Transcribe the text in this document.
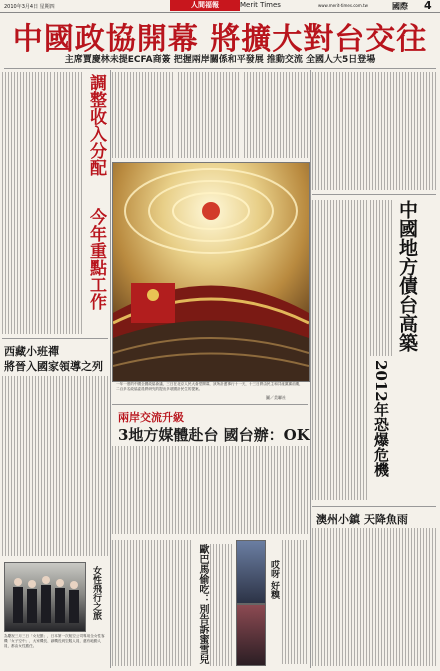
2010年3月4日 星期四	人間福報	Merit Times	www.merit-times.com.tw	國際 4
中國政協開幕 將擴大對台交往
主席賈慶林未提ECFA商簽 把握兩岸關係和平發展 推動交流 全國人大5日登場
調整收入分配
今年重點工作
一年一度的中國全國政協會議，三日在北京人民大會堂開幕，該所計畫事行十一天，十三日將由民主和共產黨黨前期，二百多名政協委員將研究的提出多項國計民生的提案。
圖／美聯社
中國地方債台高築
2012年恐爆危機
西藏小班禪
將晉入國家領導之列
兩岸交流升級
3地方媒體赴台 國台辦：OK
歐巴馬偷吃：別告訴蜜雪兒	哎呀 好糗
澳州小鎮 天降魚雨
女性飛行之旅
為慶祝三月三日「女兒節」，日本第一次航空公司專用全女性客機「女子空中」，大家機長、副機長到空服人員，還有地勤人員，都由女性擔任。
